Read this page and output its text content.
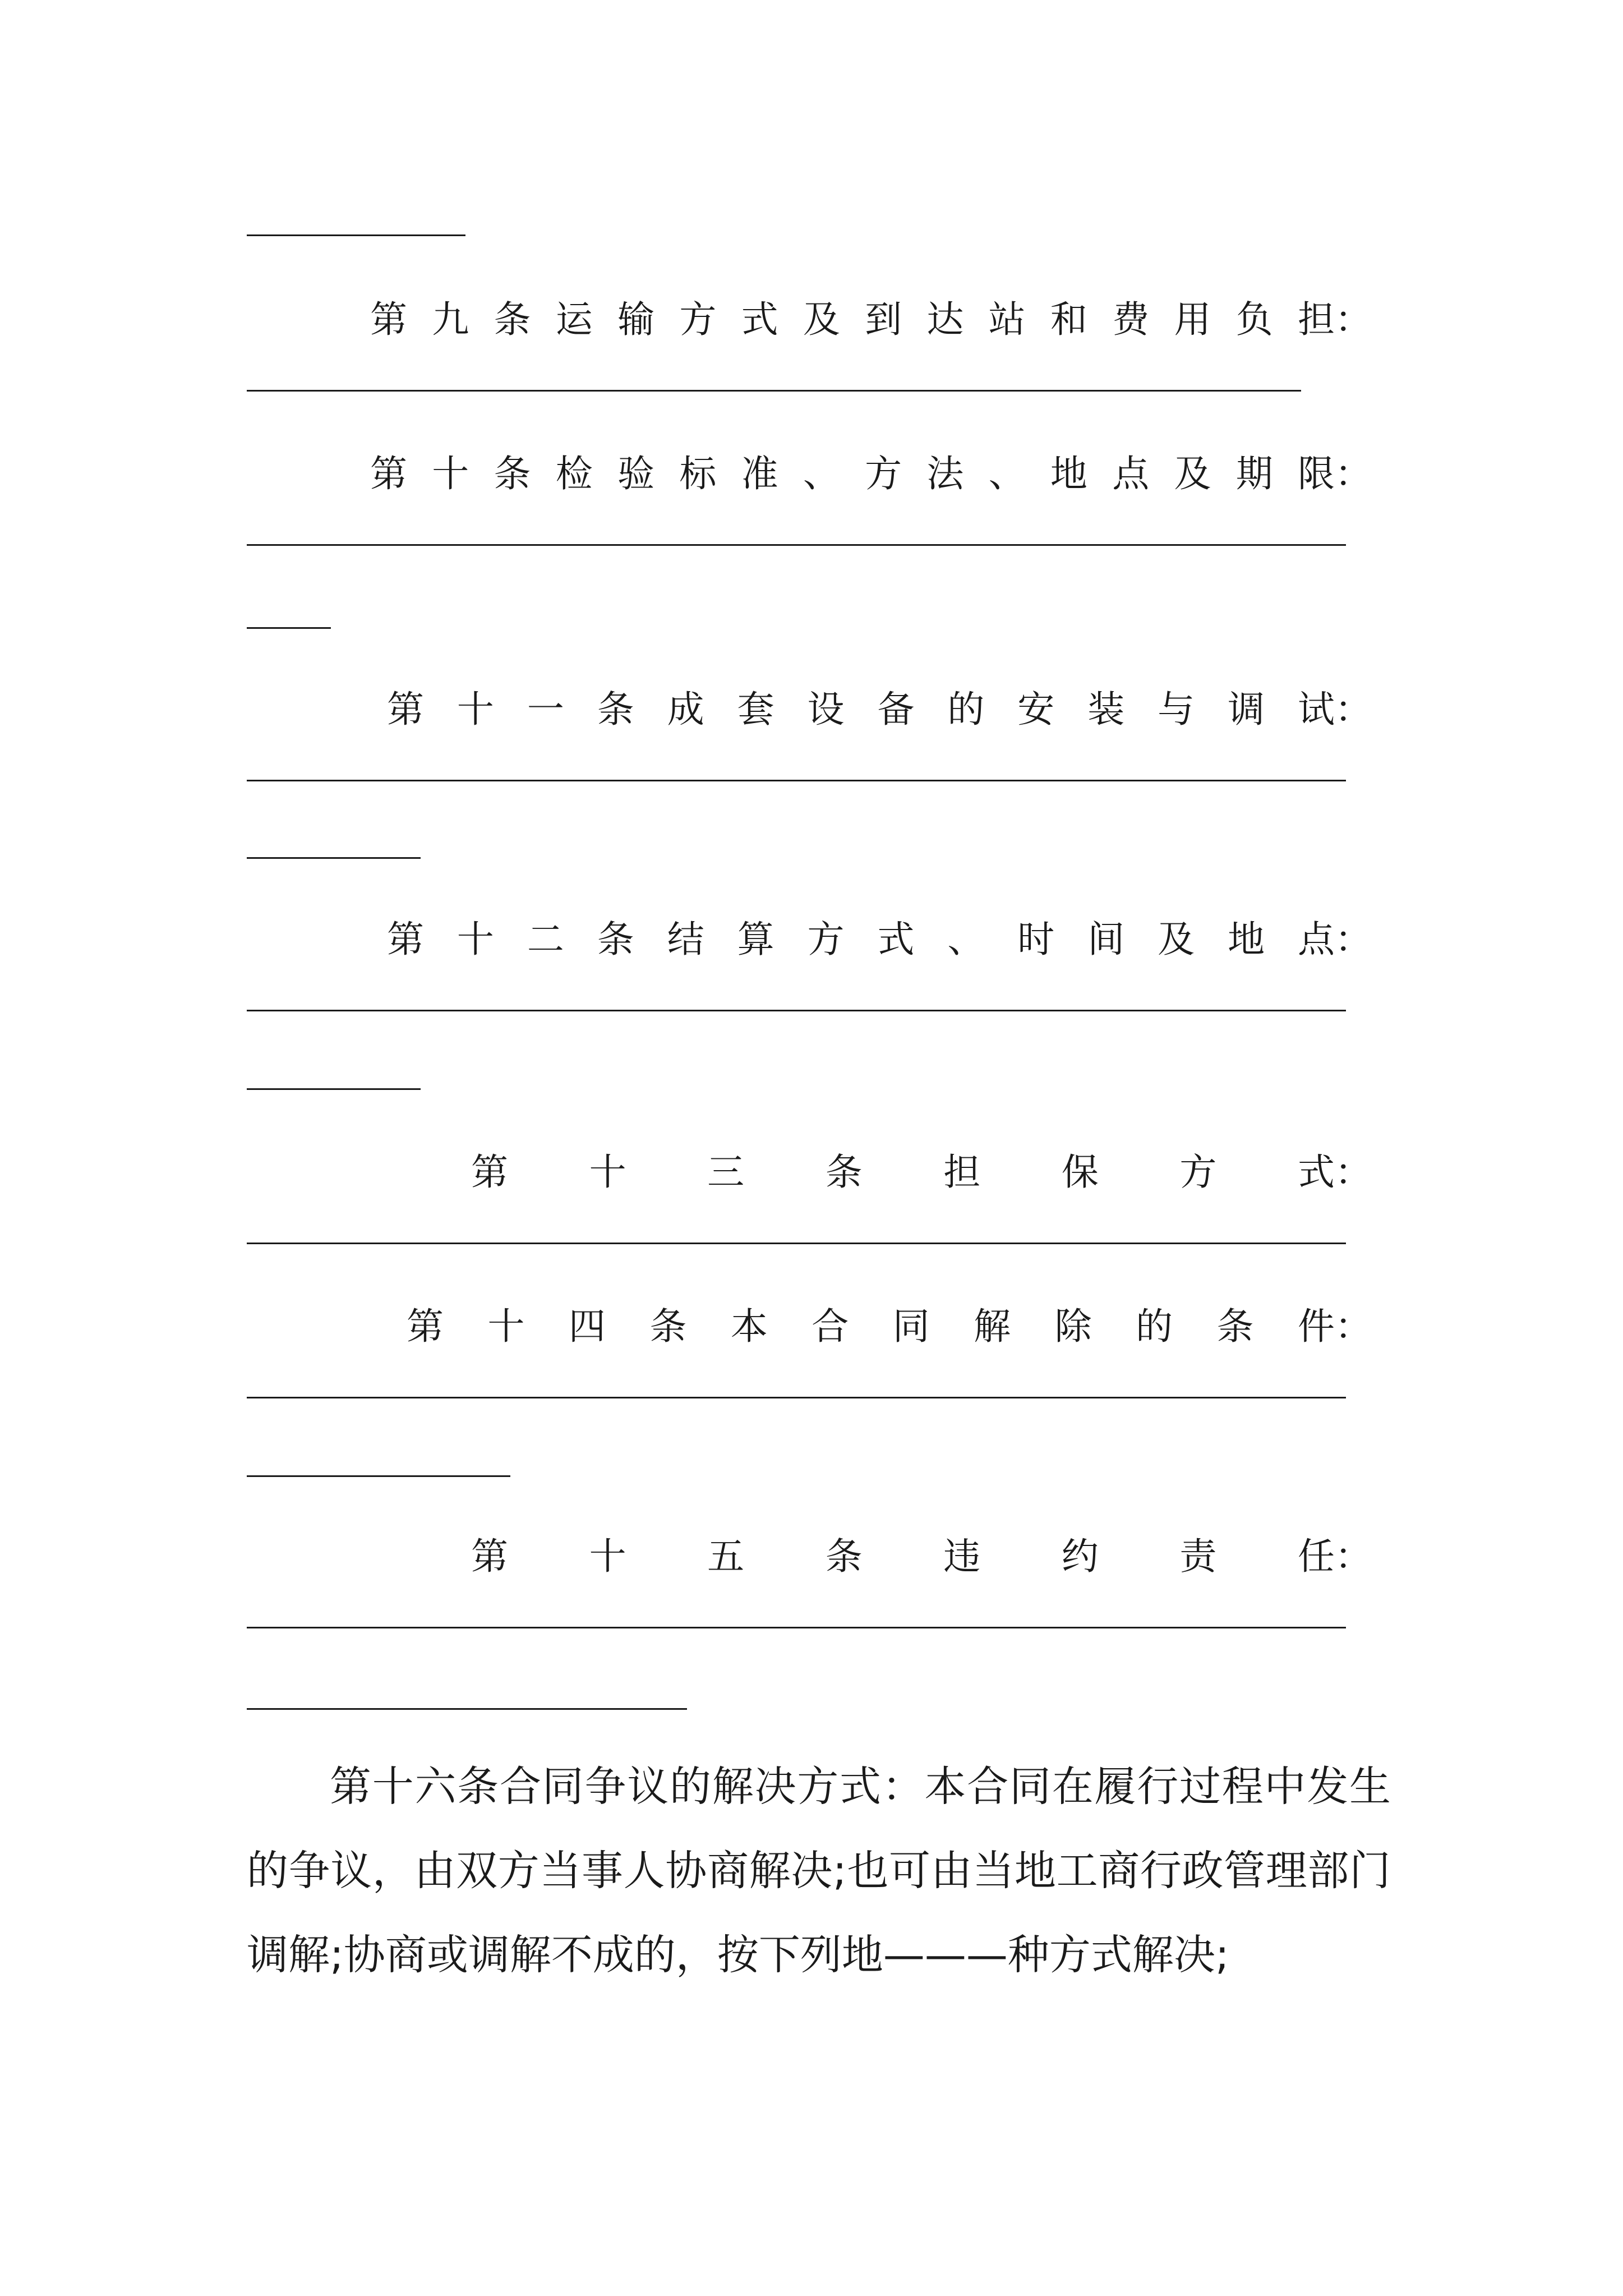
第 九 条 运 输 方 式 及 到 达 站 和 费 用 负 担 ：
第 十 条 检 验 标 准 、 方 法 、 地 点 及 期 限 ：
第 十 一 条 成 套 设 备 的 安 装 与 调 试 ：
第 十 二 条 结 算 方 式 、 时 间 及 地 点 ：
第 十 三 条 担 保 方 式 ：
第 十 四 条 本 合 同 解 除 的 条 件 ：
第 十 五 条 违 约 责 任 ：
第十六条合同争议的解决方式：本合同在履行过程中发生的争议，由双方当事人协商解决;也可由当地工商行政管理部门调解;协商或调解不成的，按下列地———种方式解决;
